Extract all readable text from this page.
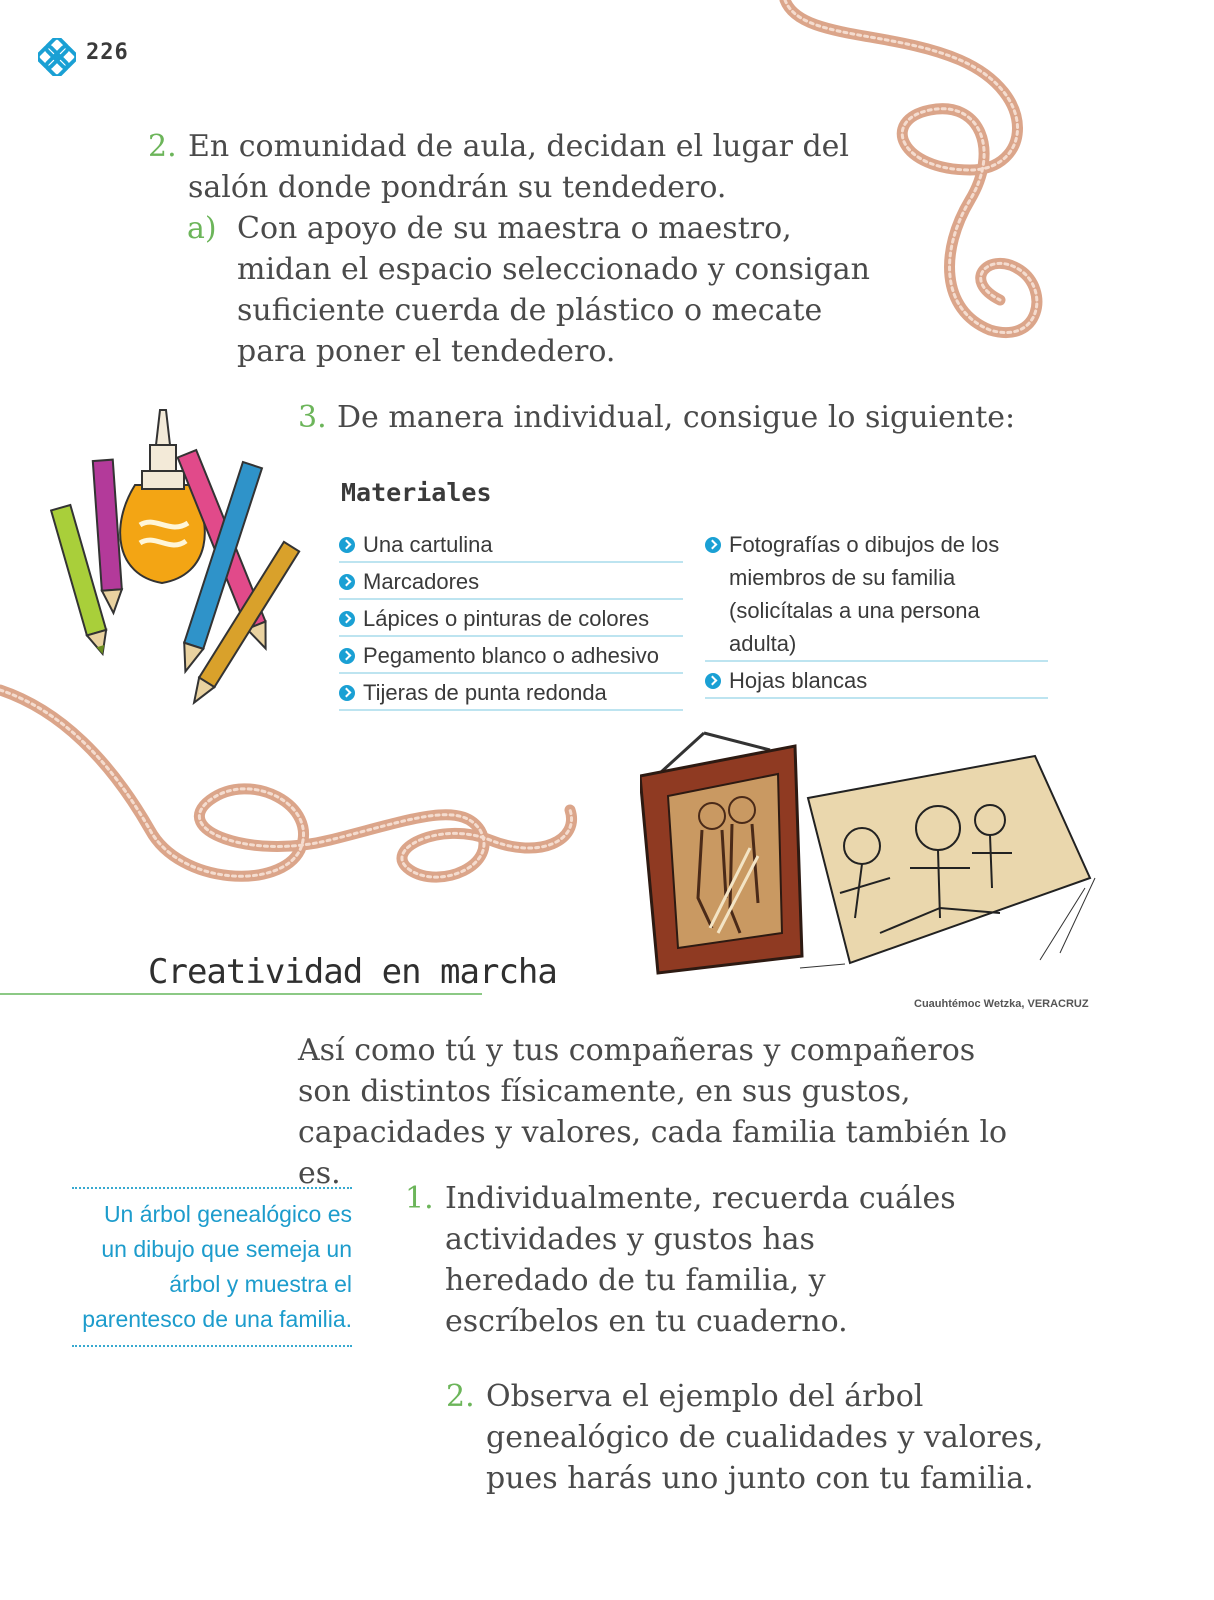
226
2. En comunidad de aula, decidan el lugar del salón donde pondrán su tendedero.
a) Con apoyo de su maestra o maestro, midan el espacio seleccionado y consigan suficiente cuerda de plástico o mecate para poner el tendedero.
3. De manera individual, consigue lo siguiente:
Materiales
Una cartulina
Marcadores
Lápices o pinturas de colores
Pegamento blanco o adhesivo
Tijeras de punta redonda
Fotografías o dibujos de los miembros de su familia (solicítalas a una persona adulta)
Hojas blancas
Cuauhtémoc Wetzka, VERACRUZ
Creatividad en marcha
Así como tú y tus compañeras y compañeros son distintos físicamente, en sus gustos, capacidades y valores, cada familia también lo es.
Un árbol genealógico es un dibujo que semeja un árbol y muestra el parentesco de una familia.
1. Individualmente, recuerda cuáles actividades y gustos has heredado de tu familia, y escríbelos en tu cuaderno.
2. Observa el ejemplo del árbol genealógico de cualidades y valores, pues harás uno junto con tu familia.
